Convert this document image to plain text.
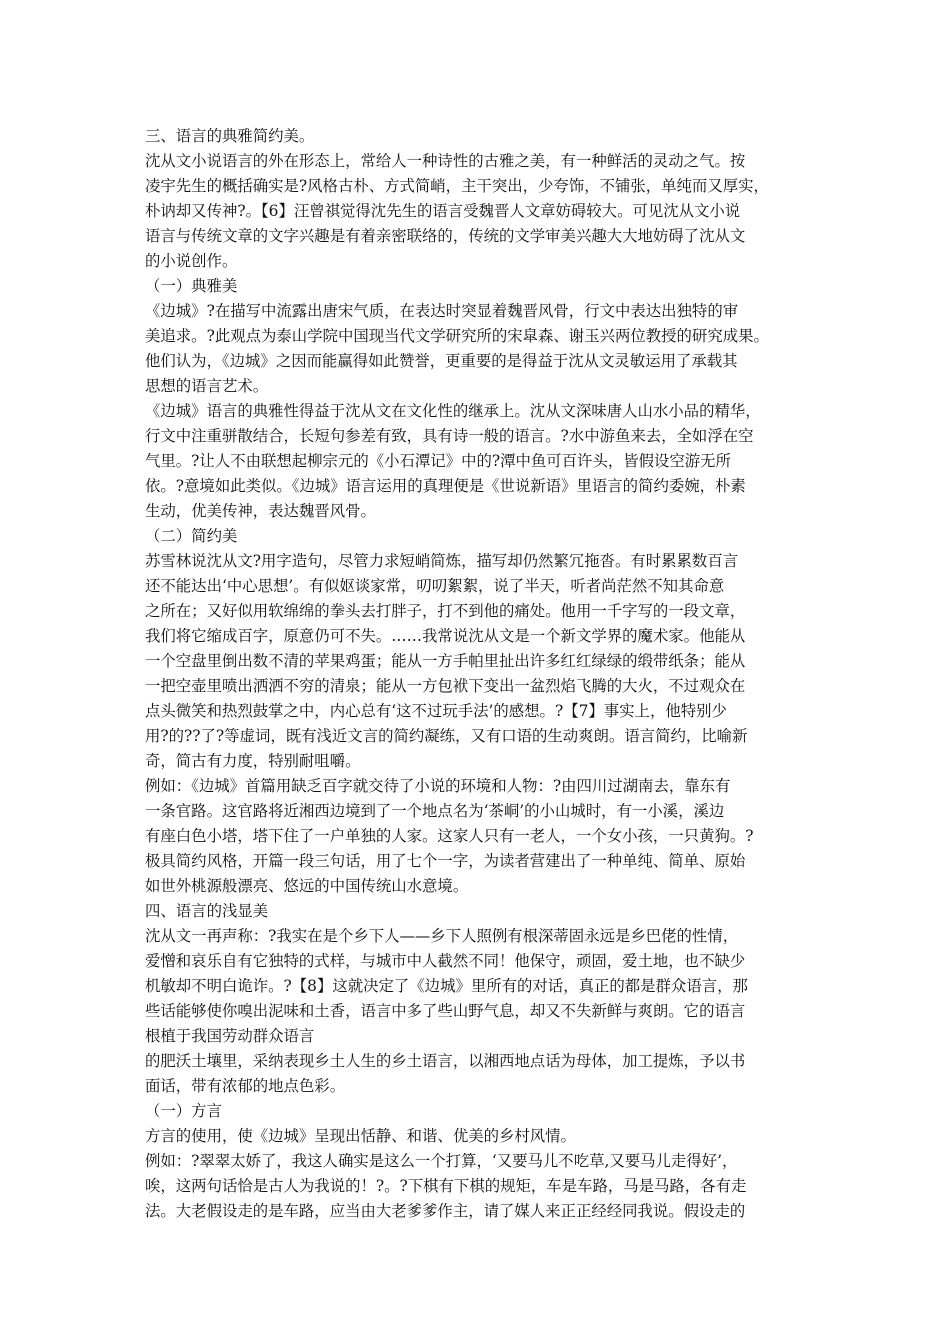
三、语言的典雅简约美。
沈从文小说语言的外在形态上，常给人一种诗性的古雅之美，有一种鲜活的灵动之气。按
凌宇先生的概括确实是?风格古朴、方式简峭，主干突出，少夸饰，不铺张，单纯而又厚实，
朴讷却又传神?。【6】汪曾祺觉得沈先生的语言受魏晋人文章妨碍较大。可见沈从文小说
语言与传统文章的文字兴趣是有着亲密联络的，传统的文学审美兴趣大大地妨碍了沈从文
的小说创作。
（一）典雅美
《边城》?在描写中流露出唐宋气质，在表达时突显着魏晋风骨，行文中表达出独特的审
美追求。?此观点为泰山学院中国现当代文学研究所的宋皐森、谢玉兴两位教授的研究成果。
他们认为，《边城》之因而能赢得如此赞誉，更重要的是得益于沈从文灵敏运用了承载其
思想的语言艺术。
《边城》语言的典雅性得益于沈从文在文化性的继承上。沈从文深味唐人山水小品的精华，
行文中注重骈散结合，长短句参差有致，具有诗一般的语言。?水中游鱼来去，全如浮在空
气里。?让人不由联想起柳宗元的《小石潭记》中的?潭中鱼可百许头，皆假设空游无所
依。?意境如此类似。《边城》语言运用的真理便是《世说新语》里语言的简约委婉，朴素
生动，优美传神，表达魏晋风骨。
（二）简约美
苏雪林说沈从文?用字造句，尽管力求短峭简炼，描写却仍然繁冗拖沓。有时累累数百言
还不能达出‘中心思想’。有似妪谈家常，叨叨絮絮，说了半天，听者尚茫然不知其命意
之所在；又好似用软绵绵的拳头去打胖子，打不到他的痛处。他用一千字写的一段文章，
我们将它缩成百字，原意仍可不失。……我常说沈从文是一个新文学界的魔术家。他能从
一个空盘里倒出数不清的苹果鸡蛋；能从一方手帕里扯出许多红红绿绿的缎带纸条；能从
一把空壶里喷出洒洒不穷的清泉；能从一方包袱下变出一盆烈焰飞腾的大火，不过观众在
点头微笑和热烈鼓掌之中，内心总有‘这不过玩手法’的感想。?【7】事实上，他特别少
用?的??了?等虚词，既有浅近文言的简约凝练，又有口语的生动爽朗。语言简约，比喻新
奇，简古有力度，特别耐咀嚼。
例如：《边城》首篇用缺乏百字就交待了小说的环境和人物：?由四川过湖南去，靠东有
一条官路。这官路将近湘西边境到了一个地点名为‘茶峒’的小山城时，有一小溪，溪边
有座白色小塔，塔下住了一户单独的人家。这家人只有一老人，一个女小孩，一只黄狗。?
极具简约风格，开篇一段三句话，用了七个一字，为读者营建出了一种单纯、简单、原始
如世外桃源般漂亮、悠远的中国传统山水意境。
四、语言的浅显美
沈从文一再声称：?我实在是个乡下人——乡下人照例有根深蒂固永远是乡巴佬的性情，
爱憎和哀乐自有它独特的式样，与城市中人截然不同！他保守，顽固，爱土地，也不缺少
机敏却不明白诡诈。?【8】这就决定了《边城》里所有的对话，真正的都是群众语言，那
些话能够使你嗅出泥味和土香，语言中多了些山野气息，却又不失新鲜与爽朗。它的语言
根植于我国劳动群众语言
的肥沃土壤里，采纳表现乡土人生的乡土语言，以湘西地点话为母体，加工提炼，予以书
面话，带有浓郁的地点色彩。
（一）方言
方言的使用，使《边城》呈现出恬静、和谐、优美的乡村风情。
例如：?翠翠太娇了，我这人确实是这么一个打算，‘又要马儿不吃草,又要马儿走得好’，
唉，这两句话恰是古人为我说的！?。?下棋有下棋的规矩，车是车路，马是马路，各有走
法。大老假设走的是车路，应当由大老爹爹作主，请了媒人来正正经经同我说。假设走的
